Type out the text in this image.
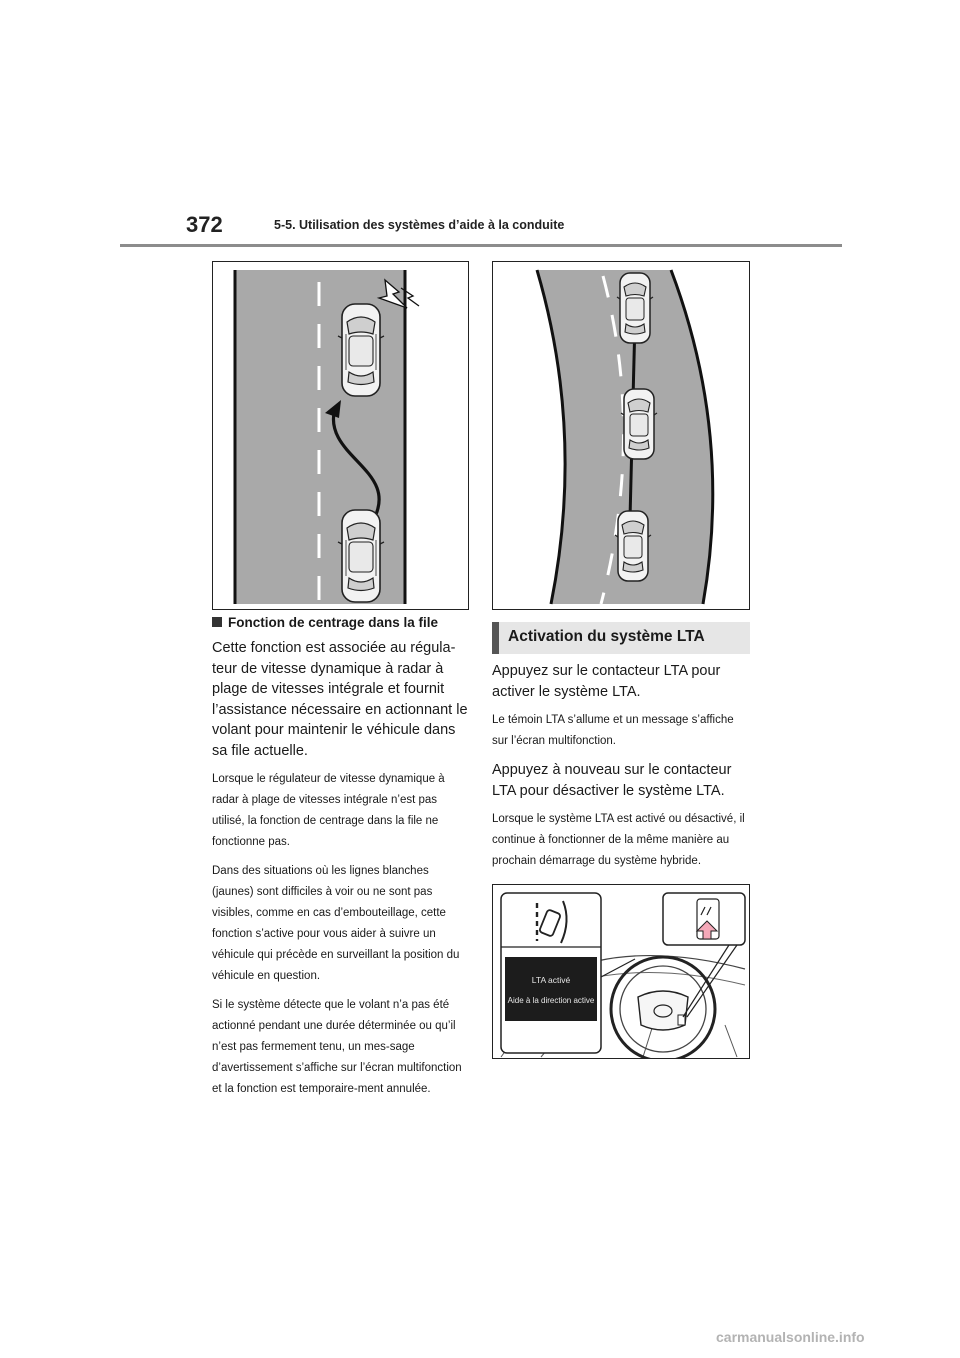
372	5-5. Utilisation des systèmes d’aide à la conduite

Fonction de centrage dans la file

Cette fonction est associée au régula-teur de vitesse dynamique à radar à plage de vitesses intégrale et fournit l’assistance nécessaire en actionnant le volant pour maintenir le véhicule dans sa file actuelle.

Lorsque le régulateur de vitesse dynamique à radar à plage de vitesses intégrale n’est pas utilisé, la fonction de centrage dans la file ne fonctionne pas.

Dans des situations où les lignes blanches (jaunes) sont difficiles à voir ou ne sont pas visibles, comme en cas d’embouteillage, cette fonction s’active pour vous aider à suivre un véhicule qui précède en surveillant la position du véhicule en question.

Si le système détecte que le volant n’a pas été actionné pendant une durée déterminée ou qu’il n’est pas fermement tenu, un mes-sage d’avertissement s’affiche sur l’écran multifonction et la fonction est temporaire-ment annulée.

Activation du système LTA

Appuyez sur le contacteur LTA pour activer le système LTA.

Le témoin LTA s’allume et un message s’affiche sur l’écran multifonction.

Appuyez à nouveau sur le contacteur LTA pour désactiver le système LTA.

Lorsque le système LTA est activé ou désactivé, il continue à fonctionner de la même manière au prochain démarrage du système hybride.

LTA activé
Aide à la direction active
carmanualsonline.info
